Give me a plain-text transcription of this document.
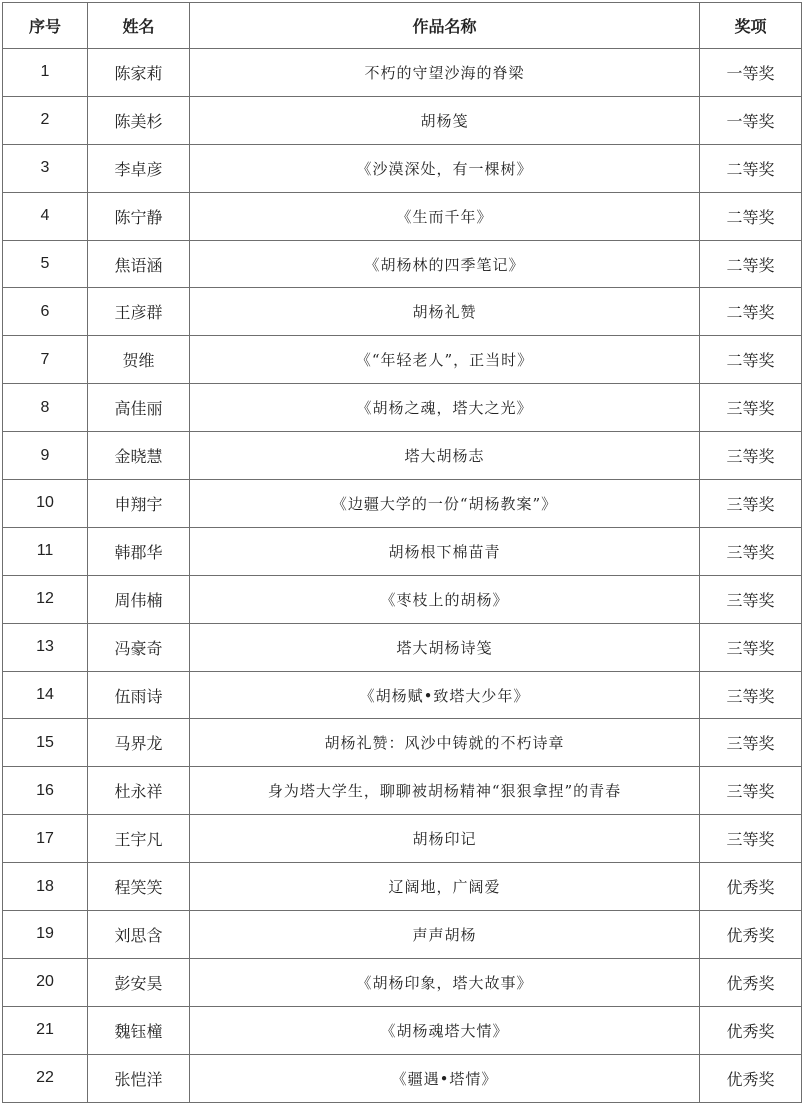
序号	姓名	作品名称	奖项
1	陈家莉	不朽的守望沙海的脊梁	一等奖
2	陈美杉	胡杨笺	一等奖
3	李卓彦	《沙漠深处，有一棵树》	二等奖
4	陈宁静	《生而千年》	二等奖
5	焦语涵	《胡杨林的四季笔记》	二等奖
6	王彦群	胡杨礼赞	二等奖
7	贺维	《“年轻老人”，正当时》	二等奖
8	高佳丽	《胡杨之魂，塔大之光》	三等奖
9	金晓慧	塔大胡杨志	三等奖
10	申翔宇	《边疆大学的一份“胡杨教案”》	三等奖
11	韩郡华	胡杨根下棉苗青	三等奖
12	周伟楠	《枣枝上的胡杨》	三等奖
13	冯豪奇	塔大胡杨诗笺	三等奖
14	伍雨诗	《胡杨赋•致塔大少年》	三等奖
15	马界龙	胡杨礼赞：风沙中铸就的不朽诗章	三等奖
16	杜永祥	身为塔大学生，聊聊被胡杨精神“狠狠拿捏”的青春	三等奖
17	王宇凡	胡杨印记	三等奖
18	程笑笑	辽阔地，广阔爱	优秀奖
19	刘思含	声声胡杨	优秀奖
20	彭安昊	《胡杨印象，塔大故事》	优秀奖
21	魏钰橦	《胡杨魂塔大情》	优秀奖
22	张恺洋	《疆遇•塔情》	优秀奖
